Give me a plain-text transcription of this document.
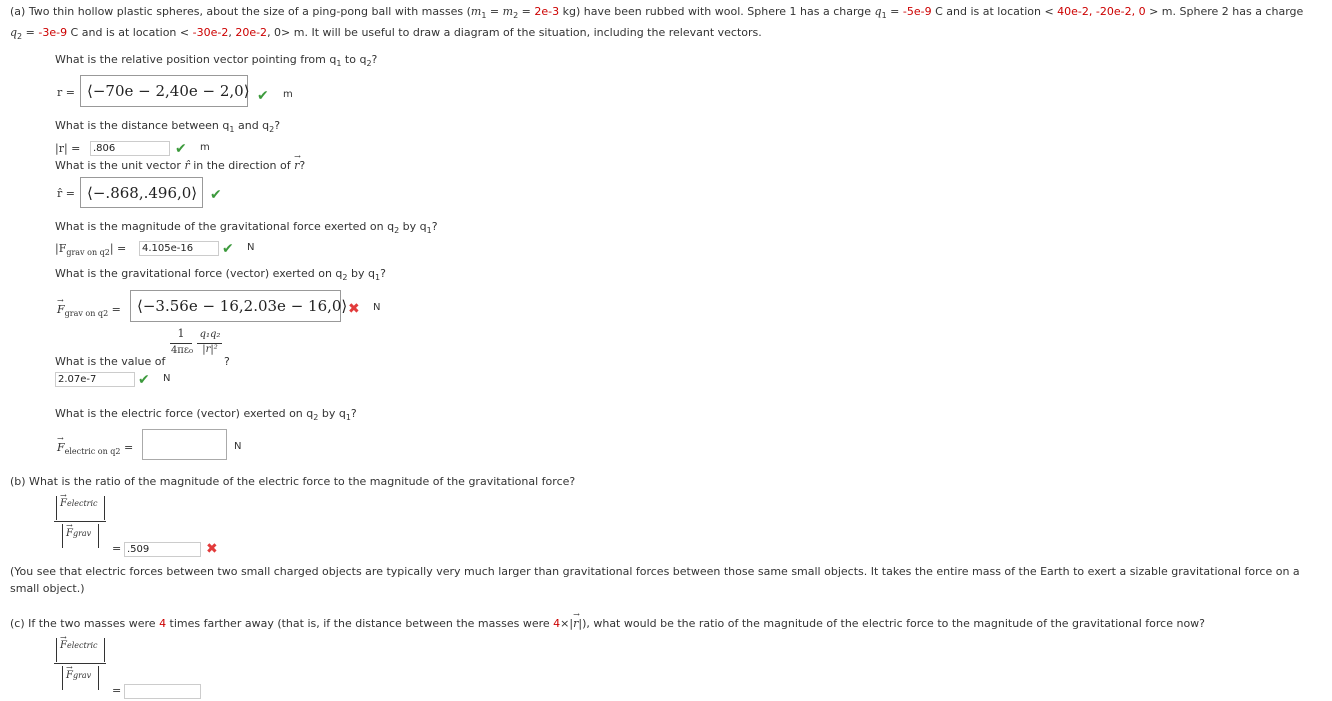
(a) Two thin hollow plastic spheres, about the size of a ping-pong ball with masses ($m_1 = m_2 = 2e-3$ kg) have been rubbed with wool. Sphere 1 has a charge $q_1 = -5e-9$ C and is at location < 40e-2, -20e-2, 0 > m. Sphere 2 has a charge
$q_2 = -3e-9$ C and is at location < -30e-2, 20e-2, 0> m. It will be useful to draw a diagram of the situation, including the relevant vectors.
What is the relative position vector pointing from $q_1$ to $q_2$?
r = ⟨−70e − 2,40e − 2,0⟩ ✔ m
What is the distance between $q_1$ and $q_2$?
|r| =
.806	✔ m
What is the unit vector r̂ in the direction of → r?
r̂ = ⟨−.868,.496,0⟩ ✔
What is the magnitude of the gravitational force exerted on $q_2$ by $q_1$?
$|F_{grav on q2}|$ =
4.105e-16	✔ N
What is the gravitational force (vector) exerted on $q_2$ by $q_1$?
→ $F_{grav on q2}$ =	⟨−3.56e − 16,2.03e − 16,0⟩ ✖ N
1	q₁q₂
4πε₀ |r|²
What is the value of	?
2.07e-7
✔ N
What is the electric force (vector) exerted on $q_2$ by $q_1$?
→ $F_{electric on q2}$ =	N
(b) What is the ratio of the magnitude of the electric force to the magnitude of the gravitational force?
→ Felectric
→ Fgrav
=
.509	✖
(You see that electric forces between two small charged objects are typically very much larger than gravitational forces between those same small objects. It takes the entire mass of the Earth to exert a sizable gravitational force on a
small object.)
(c) If the two masses were 4 times farther away (that is, if the distance between the masses were 4×|→ r|), what would be the ratio of the magnitude of the electric force to the magnitude of the gravitational force now?
→ Felectric
→ Fgrav
=
